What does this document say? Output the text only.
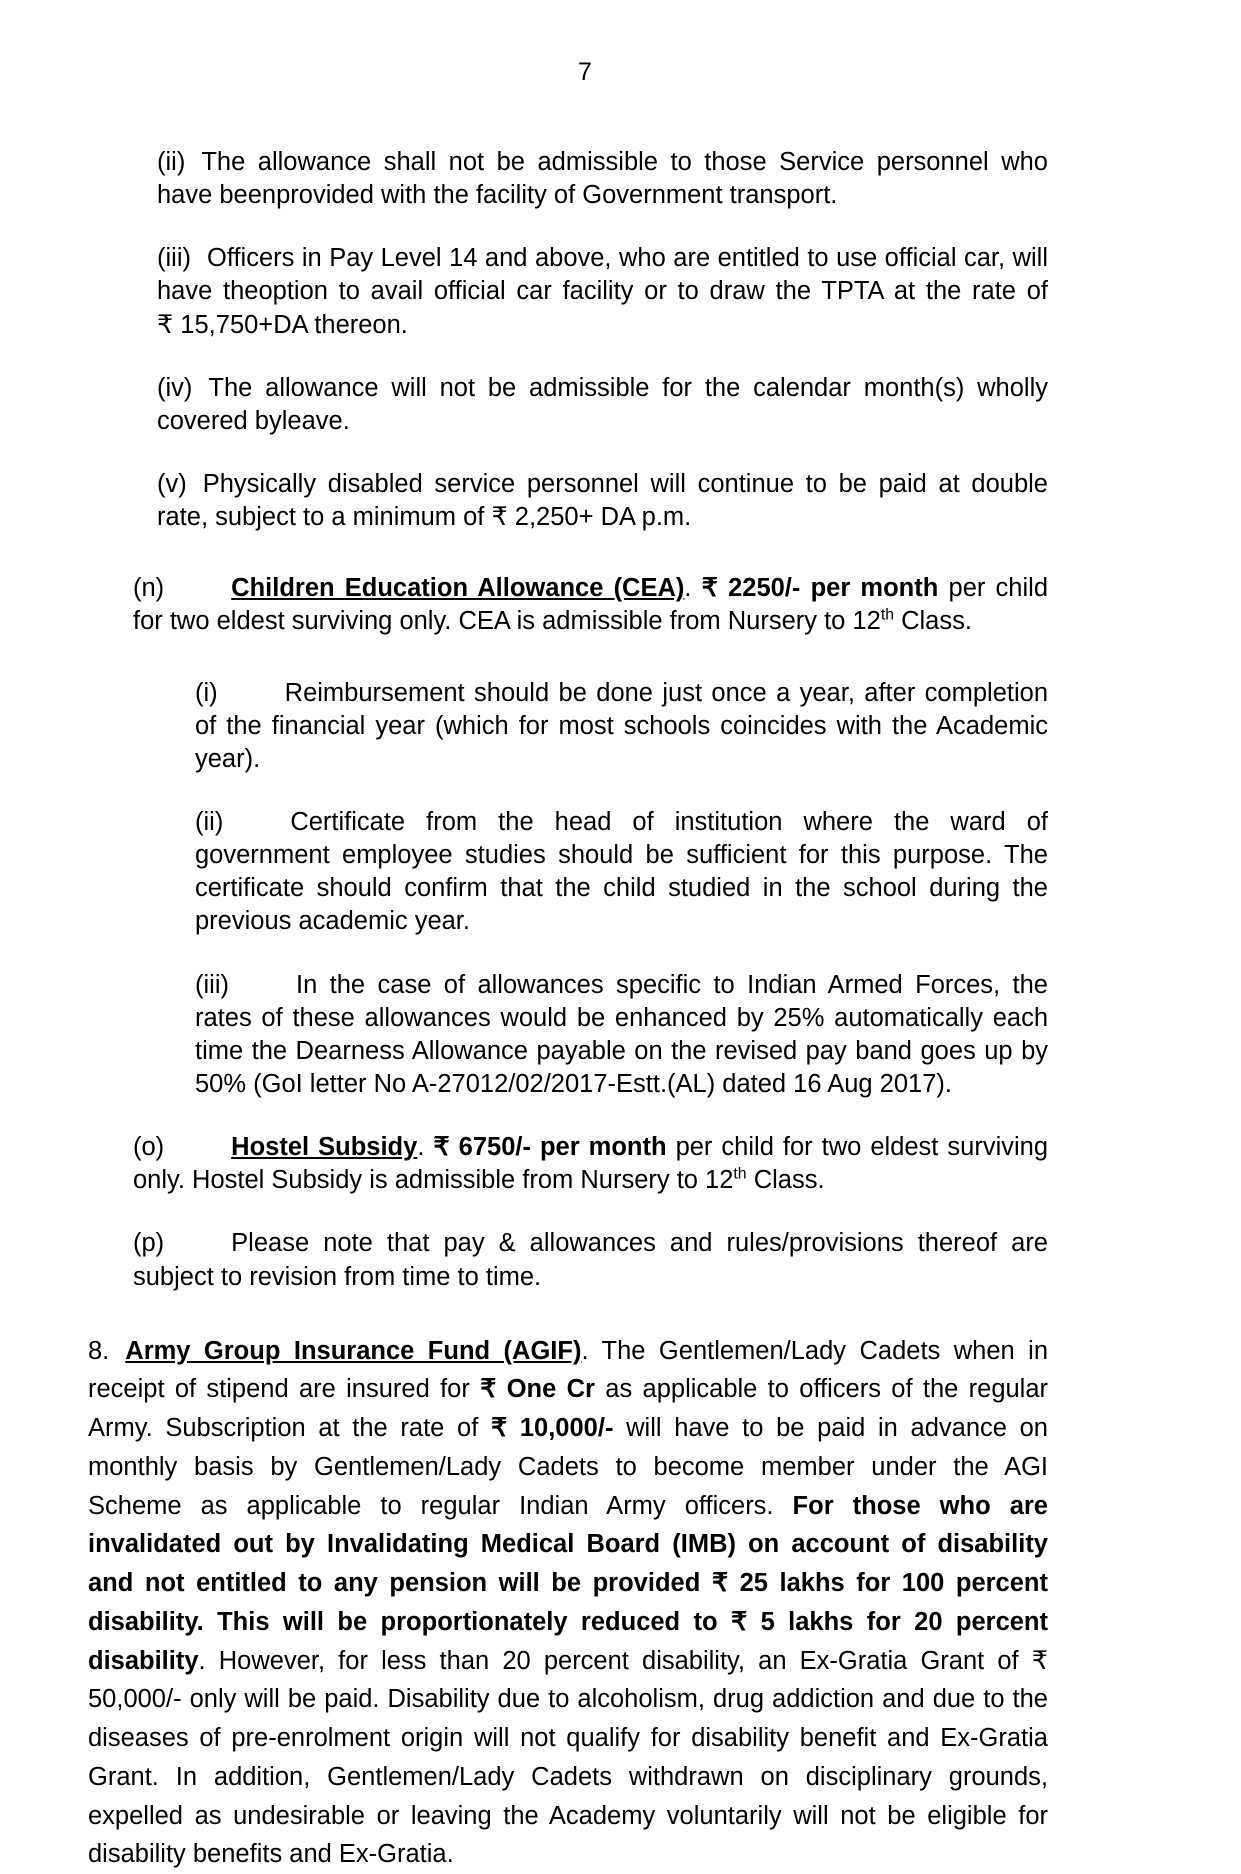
7

(ii) The allowance shall not be admissible to those Service personnel who have beenprovided with the facility of Government transport.

(iii) Officers in Pay Level 14 and above, who are entitled to use official car, will have theoption to avail official car facility or to draw the TPTA at the rate of ₹ 15,750+DA thereon.

(iv) The allowance will not be admissible for the calendar month(s) wholly covered byleave.

(v) Physically disabled service personnel will continue to be paid at double rate, subject to a minimum of ₹ 2,250+ DA p.m.

(n)	Children Education Allowance (CEA). ₹ 2250/- per month per child for two eldest surviving only. CEA is admissible from Nursery to 12th Class.

(i)	Reimbursement should be done just once a year, after completion of the financial year (which for most schools coincides with the Academic year).

(ii)	Certificate from the head of institution where the ward of government employee studies should be sufficient for this purpose. The certificate should confirm that the child studied in the school during the previous academic year.

(iii)	In the case of allowances specific to Indian Armed Forces, the rates of these allowances would be enhanced by 25% automatically each time the Dearness Allowance payable on the revised pay band goes up by 50% (GoI letter No A-27012/02/2017-Estt.(AL) dated 16 Aug 2017).

(o)	Hostel Subsidy. ₹ 6750/- per month per child for two eldest surviving only. Hostel Subsidy is admissible from Nursery to 12th Class.

(p)	Please note that pay & allowances and rules/provisions thereof are subject to revision from time to time.

8. Army Group Insurance Fund (AGIF). The Gentlemen/Lady Cadets when in receipt of stipend are insured for ₹ One Cr as applicable to officers of the regular Army. Subscription at the rate of ₹ 10,000/- will have to be paid in advance on monthly basis by Gentlemen/Lady Cadets to become member under the AGI Scheme as applicable to regular Indian Army officers. For those who are invalidated out by Invalidating Medical Board (IMB) on account of disability and not entitled to any pension will be provided ₹ 25 lakhs for 100 percent disability. This will be proportionately reduced to ₹ 5 lakhs for 20 percent disability. However, for less than 20 percent disability, an Ex-Gratia Grant of ₹ 50,000/- only will be paid. Disability due to alcoholism, drug addiction and due to the diseases of pre-enrolment origin will not qualify for disability benefit and Ex-Gratia Grant. In addition, Gentlemen/Lady Cadets withdrawn on disciplinary grounds, expelled as undesirable or leaving the Academy voluntarily will not be eligible for disability benefits and Ex-Gratia.
